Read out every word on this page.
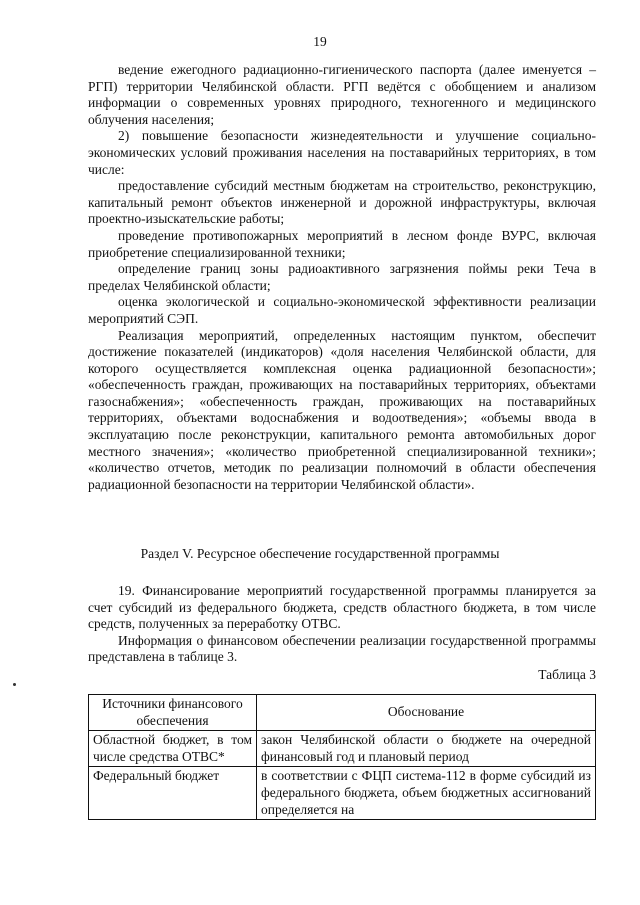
19

ведение ежегодного радиационно-гигиенического паспорта (далее именуется – РГП) территории Челябинской области. РГП ведётся с обобщением и анализом информации о современных уровнях природного, техногенного и медицинского облучения населения;

2) повышение безопасности жизнедеятельности и улучшение социально-экономических условий проживания населения на поставарийных территориях, в том числе:

предоставление субсидий местным бюджетам на строительство, реконструкцию, капитальный ремонт объектов инженерной и дорожной инфраструктуры, включая проектно-изыскательские работы;

проведение противопожарных мероприятий в лесном фонде ВУРС, включая приобретение специализированной техники;

определение границ зоны радиоактивного загрязнения поймы реки Теча в пределах Челябинской области;

оценка экологической и социально-экономической эффективности реализации мероприятий СЭП.

Реализация мероприятий, определенных настоящим пунктом, обеспечит достижение показателей (индикаторов) «доля населения Челябинской области, для которого осуществляется комплексная оценка радиационной безопасности»; «обеспеченность граждан, проживающих на поставарийных территориях, объектами газоснабжения»; «обеспеченность граждан, проживающих на поставарийных территориях, объектами водоснабжения и водоотведения»; «объемы ввода в эксплуатацию после реконструкции, капитального ремонта автомобильных дорог местного значения»; «количество приобретенной специализированной техники»; «количество отчетов, методик по реализации полномочий в области обеспечения радиационной безопасности на территории Челябинской области».

Раздел V. Ресурсное обеспечение государственной программы

19. Финансирование мероприятий государственной программы планируется за счет субсидий из федерального бюджета, средств областного бюджета, в том числе средств, полученных за переработку ОТВС.

Информация о финансовом обеспечении реализации государственной программы представлена в таблице 3.

Таблица 3
Источники финансового обеспечения	Обоснование
Областной бюджет, в том числе средства ОТВС*	закон Челябинской области о бюджете на очередной финансовый год и плановый период
Федеральный бюджет	в соответствии с ФЦП система-112 в форме субсидий из федерального бюджета, объем бюджетных ассигнований определяется на
